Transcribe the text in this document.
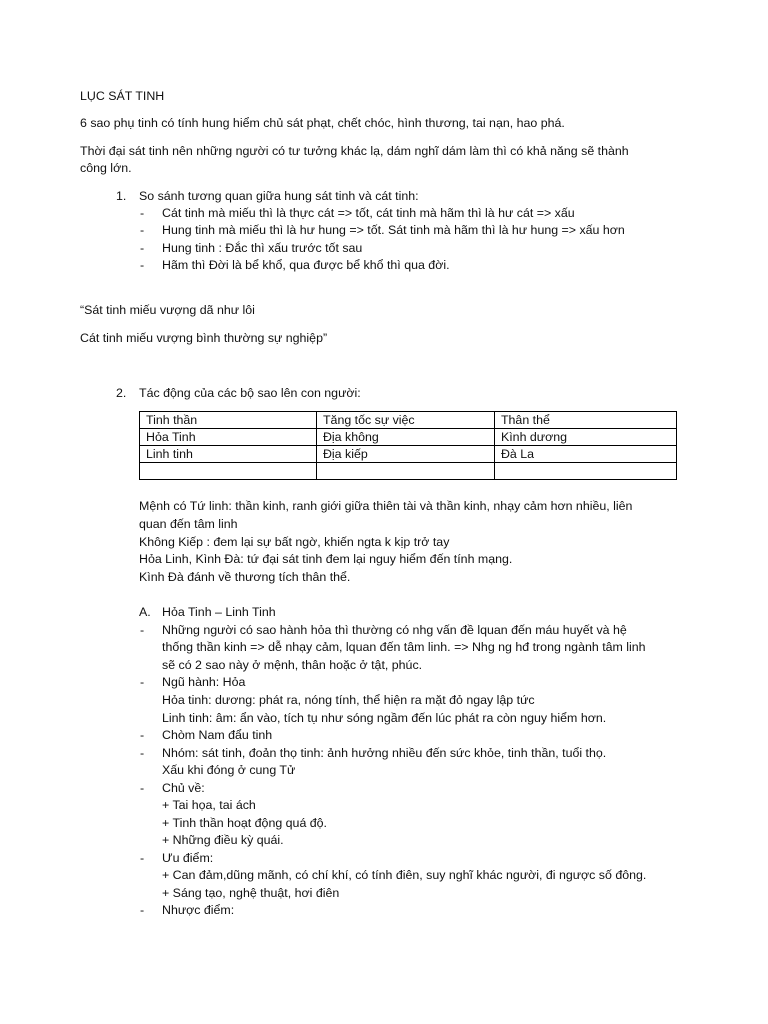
LỤC SÁT TINH
6 sao phụ tinh có tính hung hiểm chủ sát phạt, chết chóc, hình thương, tai nạn, hao phá.
Thời đại sát tinh nên những người có tư tưởng khác lạ, dám nghĩ dám làm thì có khả năng sẽ thành
công lớn.
1. So sánh tương quan giữa hung sát tinh và cát tinh:
- Cát tinh mà miếu thì là thực cát => tốt, cát tinh mà hãm thì là hư cát => xấu
- Hung tinh mà miếu thì là hư hung => tốt. Sát tinh mà hãm thì là hư hung => xấu hơn
- Hung tinh : Đắc thì xấu trước tốt sau
- Hãm thì Đời là bể khổ, qua được bể khổ thì qua đời.
“Sát tinh miếu vượng dã như lôi
Cát tinh miếu vượng bình thường sự nghiệp”
2. Tác động của các bộ sao lên con người:
Tinh thần	Tăng tốc sự việc	Thân thể
Hỏa Tinh	Địa không	Kình dương
Linh tinh	Địa kiếp	Đà La

Mệnh có Tứ linh: thần kinh, ranh giới giữa thiên tài và thần kinh, nhạy cảm hơn nhiều, liên
quan đến tâm linh
Không Kiếp : đem lại sự bất ngờ, khiến ngta k kịp trở tay
Hỏa Linh, Kình Đà: tứ đại sát tinh đem lại nguy hiểm đến tính mạng.
Kình Đà đánh về thương tích thân thể.
A. Hỏa Tinh – Linh Tinh
- Những người có sao hành hỏa thì thường có nhg vấn đề lquan đến máu huyết và hệ
thống thần kinh => dễ nhạy cảm, lquan đến tâm linh. => Nhg ng hđ trong ngành tâm linh
sẽ có 2 sao này ở mệnh, thân hoặc ở tật, phúc.
- Ngũ hành: Hỏa
Hỏa tinh: dương: phát ra, nóng tính, thể hiện ra mặt đỏ ngay lập tức
Linh tinh: âm: ẩn vào, tích tụ như sóng ngầm đến lúc phát ra còn nguy hiểm hơn.
- Chòm Nam đẩu tinh
- Nhóm: sát tinh, đoản thọ tinh: ảnh hưởng nhiều đến sức khỏe, tinh thần, tuổi thọ.
Xấu khi đóng ở cung Tử
- Chủ về:
+ Tai họa, tai ách
+ Tinh thần hoạt động quá độ.
+ Những điều kỳ quái.
- Ưu điểm:
+ Can đảm,dũng mãnh, có chí khí, có tính điên, suy nghĩ khác người, đi ngược số đông.
+ Sáng tạo, nghệ thuật, hơi điên
- Nhược điểm:
